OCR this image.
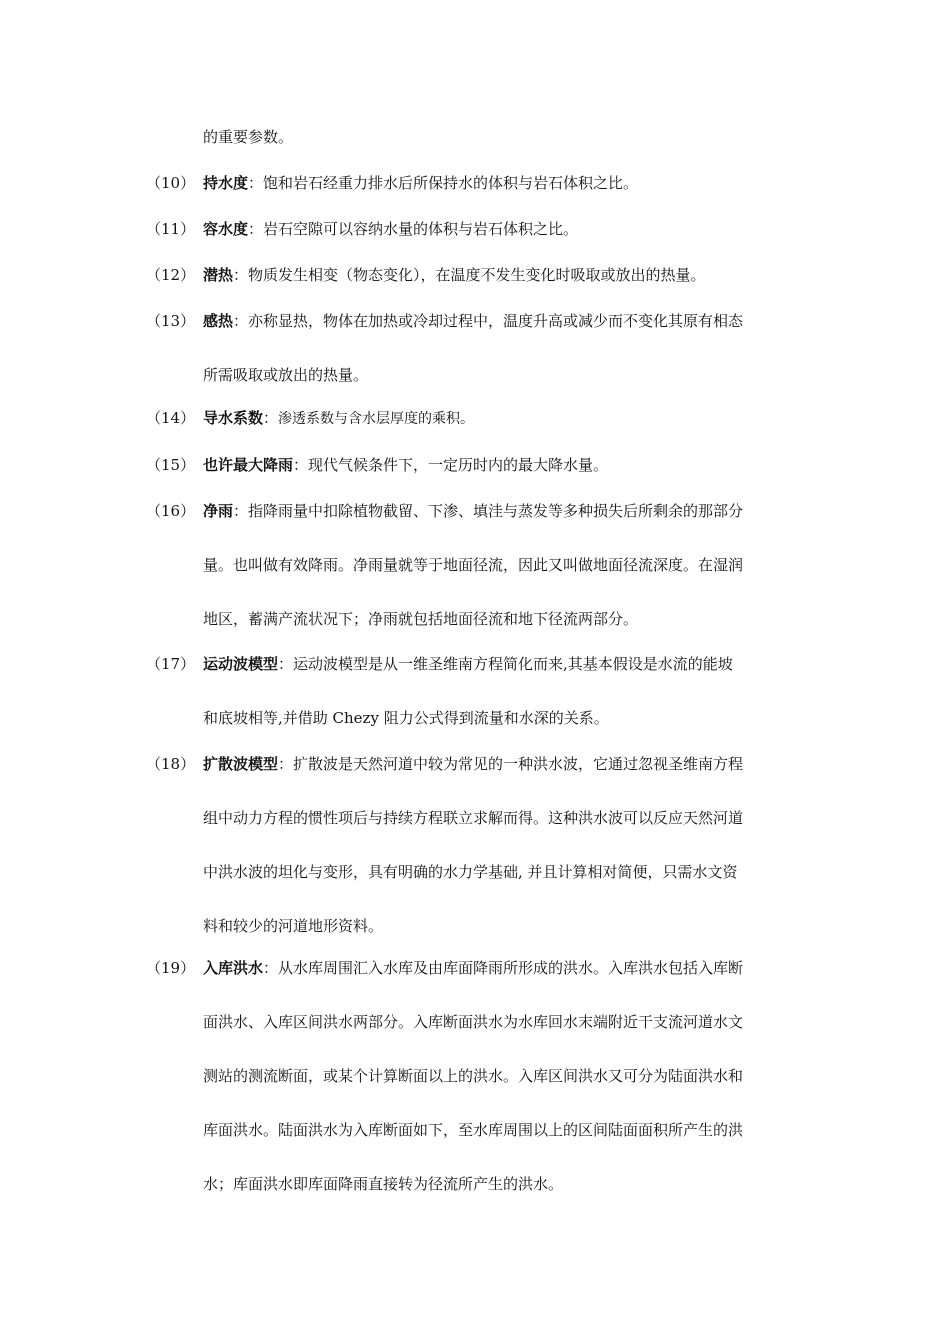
的重要参数。
（10） 持水度：饱和岩石经重力排水后所保持水的体积与岩石体积之比。
（11） 容水度：岩石空隙可以容纳水量的体积与岩石体积之比。
（12） 潜热：物质发生相变（物态变化），在温度不发生变化时吸取或放出的热量。
（13） 感热：亦称显热，物体在加热或冷却过程中，温度升高或减少而不变化其原有相态
所需吸取或放出的热量。
（14） 导水系数：渗透系数与含水层厚度的乘积。
（15） 也许最大降雨：现代气候条件下，一定历时内的最大降水量。
（16） 净雨：指降雨量中扣除植物截留、下渗、填洼与蒸发等多种损失后所剩余的那部分
量。也叫做有效降雨。净雨量就等于地面径流，因此又叫做地面径流深度。在湿润
地区，蓄满产流状况下；净雨就包括地面径流和地下径流两部分。
（17） 运动波模型：运动波模型是从一维圣维南方程简化而来,其基本假设是水流的能坡
和底坡相等,并借助 Chezy 阻力公式得到流量和水深的关系。
（18） 扩散波模型：扩散波是天然河道中较为常见的一种洪水波，它通过忽视圣维南方程
组中动力方程的惯性项后与持续方程联立求解而得。这种洪水波可以反应天然河道
中洪水波的坦化与变形，具有明确的水力学基础, 并且计算相对简便，只需水文资
料和较少的河道地形资料。
（19） 入库洪水：从水库周围汇入水库及由库面降雨所形成的洪水。入库洪水包括入库断
面洪水、入库区间洪水两部分。入库断面洪水为水库回水末端附近干支流河道水文
测站的测流断面，或某个计算断面以上的洪水。入库区间洪水又可分为陆面洪水和
库面洪水。陆面洪水为入库断面如下，至水库周围以上的区间陆面面积所产生的洪
水；库面洪水即库面降雨直接转为径流所产生的洪水。
